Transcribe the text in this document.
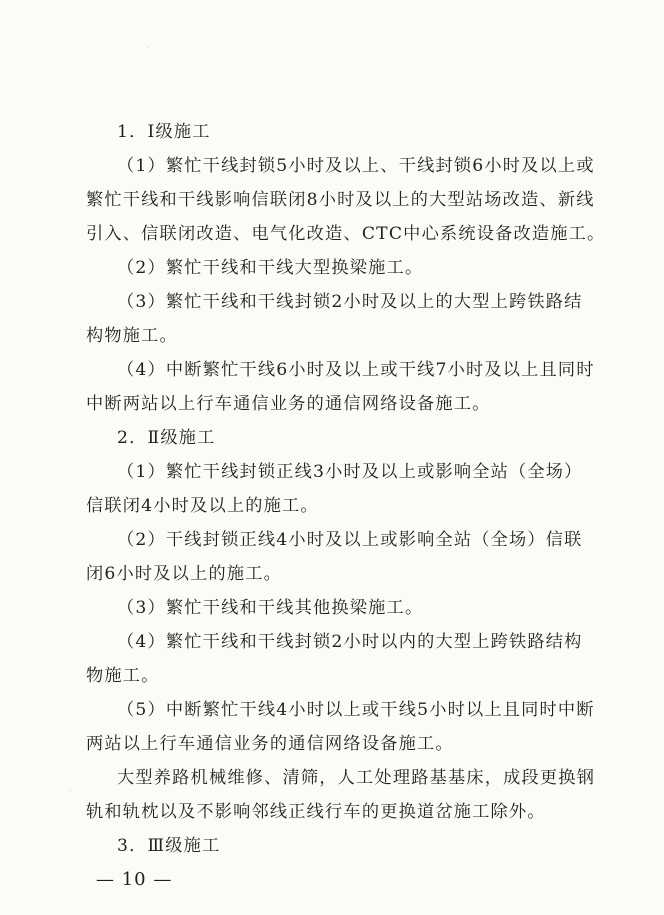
1．Ⅰ级施工
（1）繁忙干线封锁5小时及以上、干线封锁6小时及以上或
繁忙干线和干线影响信联闭8小时及以上的大型站场改造、新线
引入、信联闭改造、电气化改造、CTC中心系统设备改造施工。
（2）繁忙干线和干线大型换梁施工。
（3）繁忙干线和干线封锁2小时及以上的大型上跨铁路结
构物施工。
（4）中断繁忙干线6小时及以上或干线7小时及以上且同时
中断两站以上行车通信业务的通信网络设备施工。
2．Ⅱ级施工
（1）繁忙干线封锁正线3小时及以上或影响全站（全场）
信联闭4小时及以上的施工。
（2）干线封锁正线4小时及以上或影响全站（全场）信联
闭6小时及以上的施工。
（3）繁忙干线和干线其他换梁施工。
（4）繁忙干线和干线封锁2小时以内的大型上跨铁路结构
物施工。
（5）中断繁忙干线4小时以上或干线5小时以上且同时中断
两站以上行车通信业务的通信网络设备施工。
大型养路机械维修、清筛，人工处理路基基床，成段更换钢
轨和轨枕以及不影响邻线正线行车的更换道岔施工除外。
3．Ⅲ级施工
— 10 —
